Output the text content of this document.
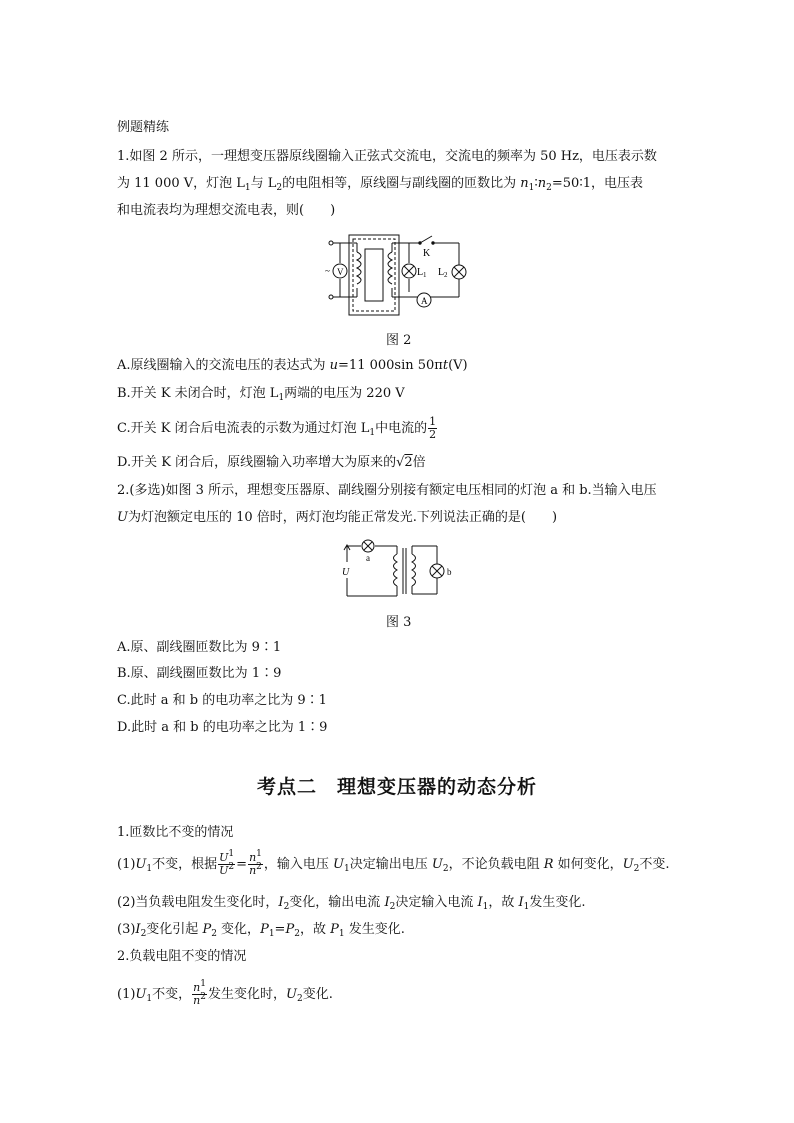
例题精练
1.如图 2 所示，一理想变压器原线圈输入正弦式交流电，交流电的频率为 50 Hz，电压表示数
为 11 000 V，灯泡 $L_1$与 $L_2$的电阻相等，原线圈与副线圈的匝数比为 $n_1∶n_2=50∶1$，电压表
和电流表均为理想交流电表，则(　　)
V
A
K
L 1 L 2
~
图 2
A.原线圈输入的交流电压的表达式为 u=11 000sin 50πt(V)
B.开关 K 未闭合时，灯泡 $L_1$两端的电压为 220 V
C.开关 K 闭合后电流表的示数为通过灯泡 $L_1$中电流的 $\frac{1}{2}$
D.开关 K 闭合后，原线圈输入功率增大为原来的√2倍
2.(多选)如图 3 所示，理想变压器原、副线圈分别接有额定电压相同的灯泡 a 和 b.当输入电压
U为灯泡额定电压的 10 倍时，两灯泡均能正常发光.下列说法正确的是(　　)
U
a
b
图 3
A.原、副线圈匝数比为 9∶1
B.原、副线圈匝数比为 1∶9
C.此时 a 和 b 的电功率之比为 9∶1
D.此时 a 和 b 的电功率之比为 1∶9
考点二　理想变压器的动态分析
1.匝数比不变的情况
$(1)U_1$不变，根据 $\frac{U^1}{U^2} = \frac{n^1}{n^2}$ ，输入电压 $U_1$决定输出电压 $U_2$，不论负载电阻 R 如何变化，$U_2$不变.
(2)当负载电阻发生变化时，$I_2$变化，输出电流 $I_2$决定输入电流 $I_1$，故 $I_1$发生变化.
$(3)I_2$变化引起 $P_2$ 变化，$P_1=P_2$，故 $P_1$ 发生变化.
2.负载电阻不变的情况
$(1)U_1$不变， $\frac{n^1}{n^2}$ 发生变化时，$U_2$变化.
